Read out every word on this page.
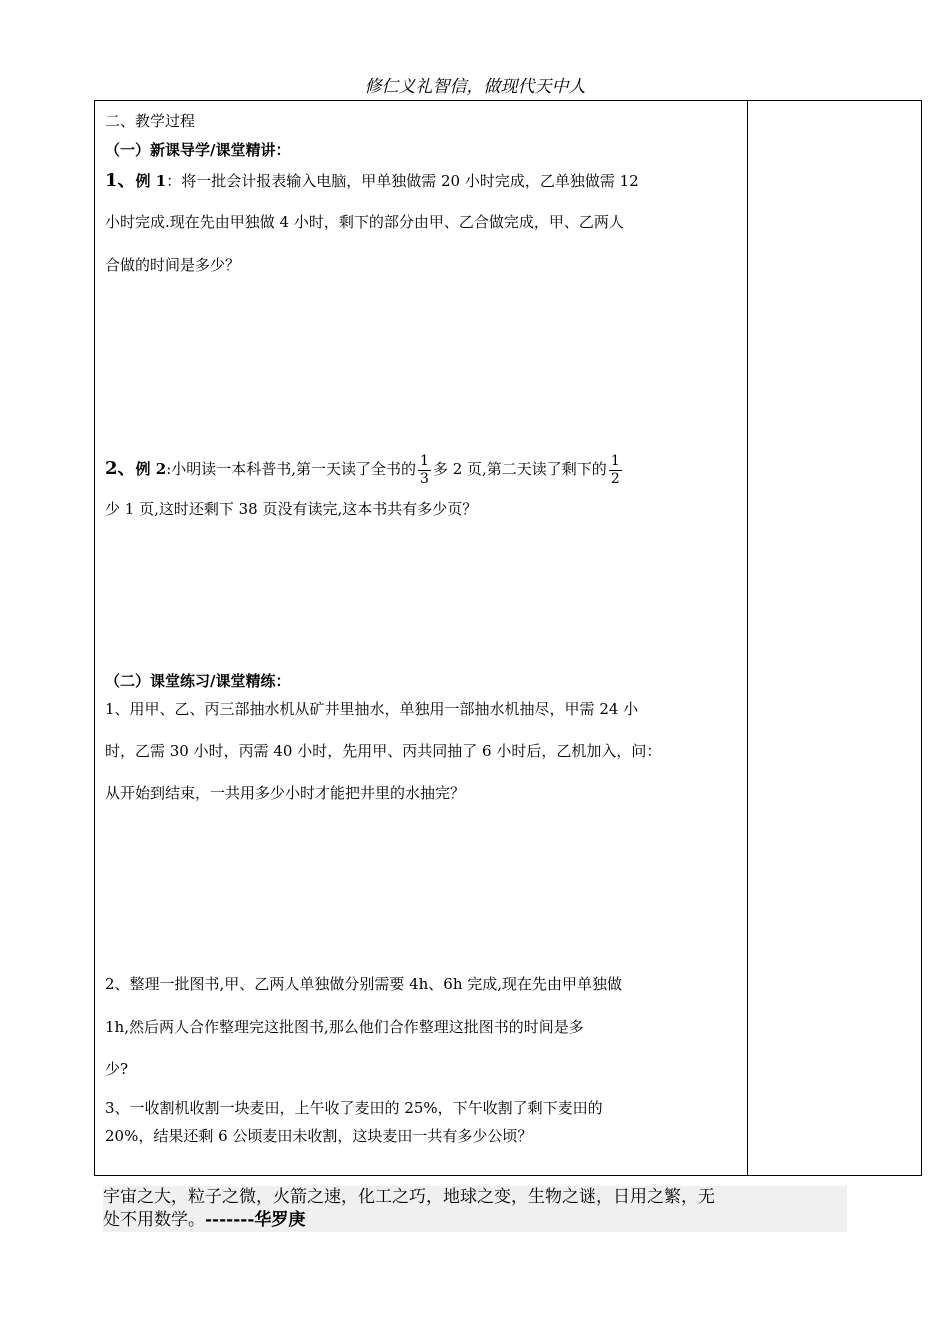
修仁义礼智信，做现代天中人
二、教学过程
（一）新课导学/课堂精讲：
1、例 1：将一批会计报表输入电脑，甲单独做需 20 小时完成，乙单独做需 12
小时完成.现在先由甲独做 4 小时，剩下的部分由甲、乙合做完成，甲、乙两人
合做的时间是多少？
2、例 2:小明读一本科普书,第一天读了全书的 $\frac{1}{3}$ 多 2 页,第二天读了剩下的 $\frac{1}{2}$
少 1 页,这时还剩下 38 页没有读完,这本书共有多少页？
（二）课堂练习/课堂精练：
1、用甲、乙、丙三部抽水机从矿井里抽水，单独用一部抽水机抽尽，甲需 24 小
时，乙需 30 小时，丙需 40 小时，先用甲、丙共同抽了 6 小时后，乙机加入，问：
从开始到结束，一共用多少小时才能把井里的水抽完？
2、整理一批图书,甲、乙两人单独做分别需要 4h、6h 完成,现在先由甲单独做
1h,然后两人合作整理完这批图书,那么他们合作整理这批图书的时间是多
少?
3、一收割机收割一块麦田，上午收了麦田的 25%，下午收割了剩下麦田的
20%，结果还剩 6 公顷麦田未收割，这块麦田一共有多少公顷？
宇宙之大，粒子之微，火箭之速，化工之巧，地球之变，生物之谜，日用之繁，无
处不用数学。-------华罗庚
